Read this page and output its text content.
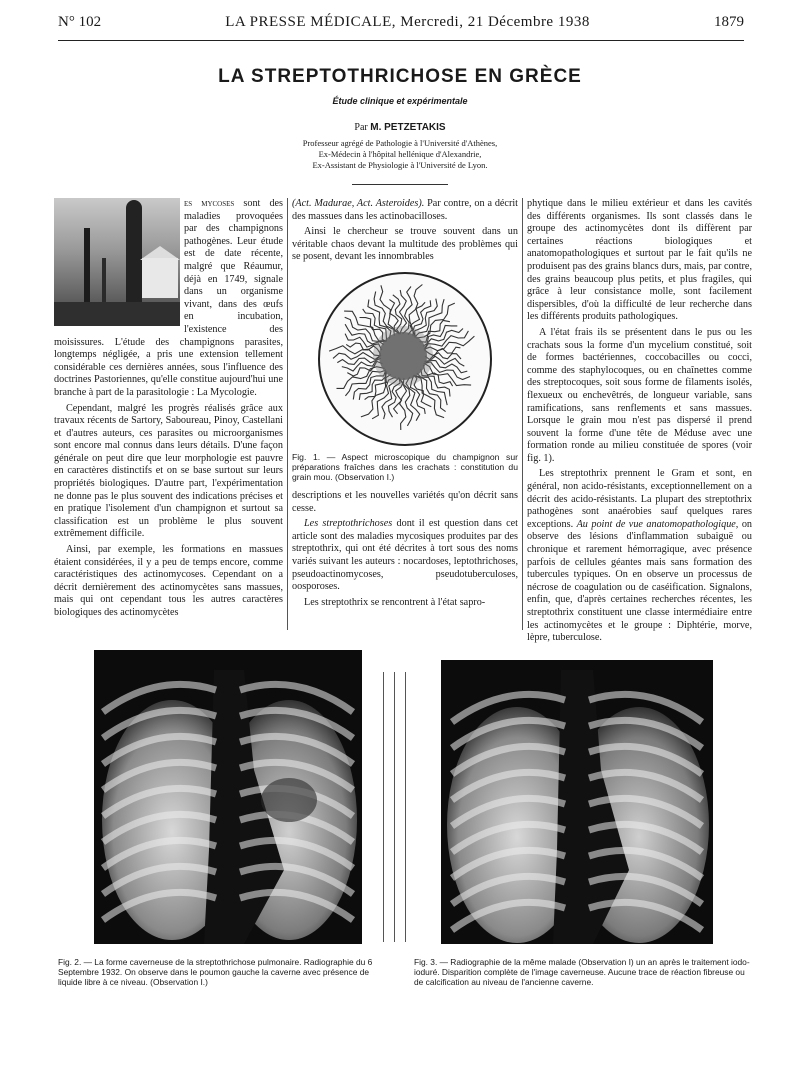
N° 102	LA PRESSE MÉDICALE, Mercredi, 21 Décembre 1938	1879
LA STREPTOTHRICHOSE EN GRÈCE
Étude clinique et expérimentale
Par M. PETZETAKIS
Professeur agrégé de Pathologie à l'Université d'Athènes,
Ex-Médecin à l'hôpital hellénique d'Alexandrie,
Ex-Assistant de Physiologie à l'Université de Lyon.

es mycoses sont des maladies provoquées par des champignons pathogènes. Leur étude est de date récente, malgré que Réaumur, déjà en 1749, signale dans un organisme vivant, dans des œufs en incubation, l'existence des moisissures. L'étude des champignons parasites, longtemps négligée, a pris une extension tellement considérable ces dernières années, sous l'influence des doctrines Pastoriennes, qu'elle constitue aujourd'hui une branche à part de la parasitologie : La Mycologie.

Cependant, malgré les progrès réalisés grâce aux travaux récents de Sartory, Saboureau, Pinoy, Castellani et d'autres auteurs, ces parasites ou microorganismes sont encore mal connus dans leurs détails. D'une façon générale on peut dire que leur morphologie est pauvre en caractères distinctifs et on se base surtout sur leurs propriétés biologiques. D'autre part, l'expérimentation ne donne pas le plus souvent des indications précises et en pratique l'isolement d'un champignon et surtout sa classification est un problème le plus souvent extrêmement difficile.

Ainsi, par exemple, les formations en massues étaient considérées, il y a peu de temps encore, comme caractéristiques des actinomycoses. Cependant on a décrit dernièrement des actinomycètes sans massues, mais qui ont cependant tous les autres caractères biologiques des actinomycètes

(Act. Madurae, Act. Asteroides). Par contre, on a décrit des massues dans les actinobacilloses.

Ainsi le chercheur se trouve souvent dans un véritable chaos devant la multitude des problèmes qui se posent, devant les innombrables

Fig. 1. — Aspect microscopique du champignon sur préparations fraîches dans les crachats : constitution du grain mou. (Observation I.)

descriptions et les nouvelles variétés qu'on décrit sans cesse.

Les streptothrichoses dont il est question dans cet article sont des maladies mycosiques produites par des streptothrix, qui ont été décrites à tort sous des noms variés suivant les auteurs : nocardoses, leptothrichoses, pseudoactinomycoses, pseudotuberculoses, oosporoses.

Les streptothrix se rencontrent à l'état sapro-

phytique dans le milieu extérieur et dans les cavités des différents organismes. Ils sont classés dans le groupe des actinomycètes dont ils diffèrent par certaines réactions biologiques et anatomopathologiques et surtout par le fait qu'ils ne produisent pas des grains blancs durs, mais, par contre, des grains beaucoup plus petits, et plus fragiles, qui grâce à leur consistance molle, sont facilement dispersibles, d'où la difficulté de leur recherche dans les différents produits pathologiques.

A l'état frais ils se présentent dans le pus ou les crachats sous la forme d'un mycelium constitué, soit de formes bactériennes, coccobacilles ou cocci, comme des staphylocoques, ou en chaînettes comme des streptocoques, soit sous forme de filaments isolés, flexueux ou enchevêtrés, de longueur variable, sans ramifications, sans renflements et sans massues. Lorsque le grain mou n'est pas dispersé il prend souvent la forme d'une tête de Méduse avec une formation ronde au milieu constituée de spores (voir fig. 1).

Les streptothrix prennent le Gram et sont, en général, non acido-résistants, exceptionnellement on a décrit des acido-résistants. La plupart des streptothrix pathogènes sont anaérobies sauf quelques rares exceptions. Au point de vue anatomopathologique, on observe des lésions d'inflammation subaiguë ou chronique et rarement hémorragique, avec présence parfois de cellules géantes mais sans formation des tubercules typiques. On en observe un processus de nécrose de coagulation ou de caséification. Signalons, enfin, que, d'après certaines recherches récentes, les streptothrix constituent une classe intermédiaire entre les actinomycètes et le groupe : Diphtérie, morve, lèpre, tuberculose.

Fig. 2. — La forme caverneuse de la streptothrichose pulmonaire. Radiographie du 6 Septembre 1932. On observe dans le poumon gauche la caverne avec présence de liquide libre à ce niveau. (Observation I.)
Fig. 3. — Radiographie de la même malade (Observation I) un an après le traitement iodo-ioduré. Disparition complète de l'image caverneuse. Aucune trace de réaction fibreuse ou de calcification au niveau de l'ancienne caverne.
